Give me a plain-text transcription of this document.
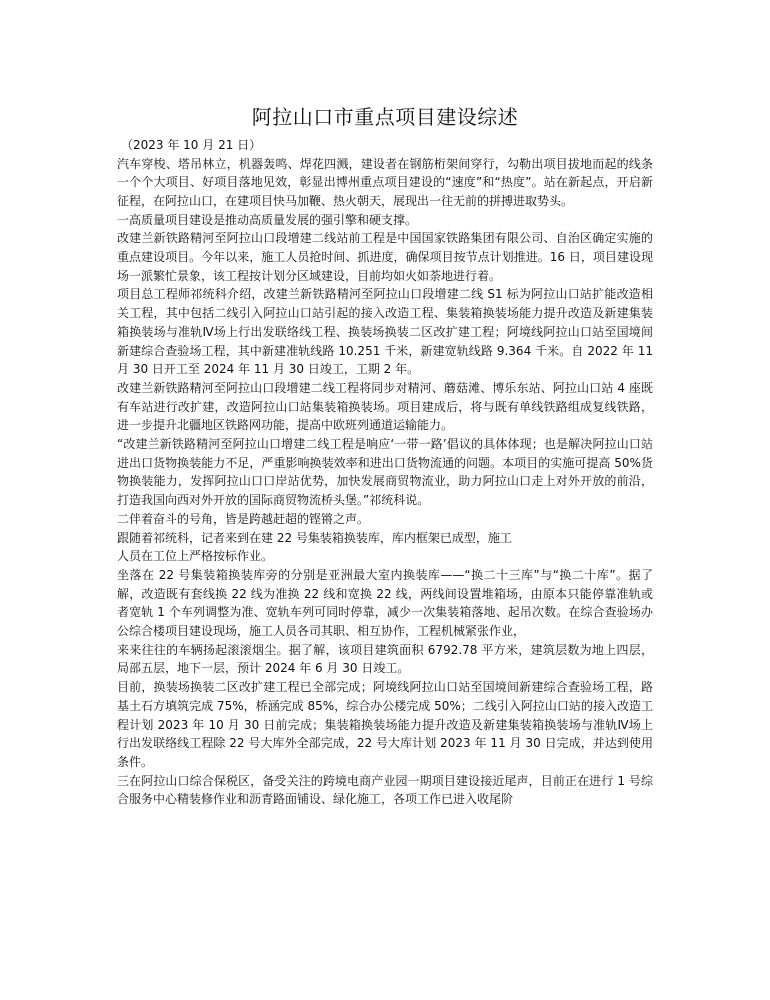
阿拉山口市重点项目建设综述

（2023 年 10 月 21 日）

汽车穿梭、塔吊林立，机器轰鸣、焊花四溅，建设者在钢筋桁架间穿行，勾勒出项目拔地而起的线条一个个大项目、好项目落地见效，彰显出博州重点项目建设的“速度”和“热度”。站在新起点，开启新征程，在阿拉山口，在建项目快马加鞭、热火朝天，展现出一往无前的拼搏进取势头。

一高质量项目建设是推动高质量发展的强引擎和硬支撑。

改建兰新铁路精河至阿拉山口段增建二线站前工程是中国国家铁路集团有限公司、自治区确定实施的重点建设项目。今年以来，施工人员抢时间、抓进度，确保项目按节点计划推进。16 日，项目建设现场一派繁忙景象，该工程按计划分区域建设，目前均如火如荼地进行着。

项目总工程师祁统科介绍，改建兰新铁路精河至阿拉山口段增建二线 S1 标为阿拉山口站扩能改造相关工程，其中包括二线引入阿拉山口站引起的接入改造工程、集装箱换装场能力提升改造及新建集装箱换装场与准轨Ⅳ场上行出发联络线工程、换装场换装二区改扩建工程；阿境线阿拉山口站至国境间新建综合查验场工程，其中新建准轨线路 10.251 千米，新建宽轨线路 9.364 千米。自 2022 年 11 月 30 日开工至 2024 年 11 月 30 日竣工，工期 2 年。

改建兰新铁路精河至阿拉山口段增建二线工程将同步对精河、蘑菇滩、博乐东站、阿拉山口站 4 座既有车站进行改扩建，改造阿拉山口站集装箱换装场。项目建成后，将与既有单线铁路组成复线铁路，进一步提升北疆地区铁路网功能，提高中欧班列通道运输能力。

“改建兰新铁路精河至阿拉山口增建二线工程是响应‘一带一路’倡议的具体体现；也是解决阿拉山口站进出口货物换装能力不足，严重影响换装效率和进出口货物流通的问题。本项目的实施可提高 50%货物换装能力，发挥阿拉山口口岸站优势，加快发展商贸物流业，助力阿拉山口走上对外开放的前沿，打造我国向西对外开放的国际商贸物流桥头堡。”祁统科说。

二伴着奋斗的号角，皆是跨越赶超的铿锵之声。

跟随着祁统科，记者来到在建 22 号集装箱换装库，库内框架已成型，施工

人员在工位上严格按标作业。

坐落在 22 号集装箱换装库旁的分别是亚洲最大室内换装库——“换二十三库”与“换二十库”。据了解，改造既有套线换 22 线为准换 22 线和宽换 22 线，两线间设置堆箱场，由原本只能停靠准轨或者宽轨 1 个车列调整为准、宽轨车列可同时停靠，减少一次集装箱落地、起吊次数。在综合查验场办公综合楼项目建设现场，施工人员各司其职、相互协作，工程机械紧张作业，

来来往往的车辆扬起滚滚烟尘。据了解，该项目建筑面积 6792.78 平方米，建筑层数为地上四层，局部五层，地下一层，预计 2024 年 6 月 30 日竣工。

目前，换装场换装二区改扩建工程已全部完成；阿境线阿拉山口站至国境间新建综合查验场工程，路基土石方填筑完成 75%，桥涵完成 85%，综合办公楼完成 50%；二线引入阿拉山口站的接入改造工程计划 2023 年 10 月 30 日前完成；集装箱换装场能力提升改造及新建集装箱换装场与准轨Ⅳ场上行出发联络线工程除 22 号大库外全部完成，22 号大库计划 2023 年 11 月 30 日完成，并达到使用条件。

三在阿拉山口综合保税区，备受关注的跨境电商产业园一期项目建设接近尾声，目前正在进行 1 号综合服务中心精装修作业和沥青路面铺设、绿化施工，各项工作已进入收尾阶
